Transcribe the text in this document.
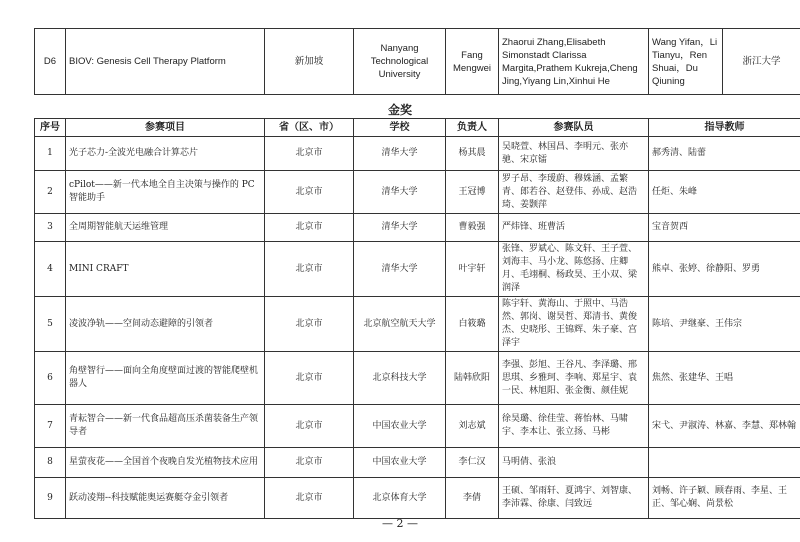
D6	BIOV: Genesis Cell Therapy Platform	新加坡	Nanyang Technological University	Fang Mengwei	Zhaorui Zhang,Elisabeth Simonstadt Clarissa Margita,Prathem Kukreja,Cheng Jing,Yiyang Lin,Xinhui He	Wang Yifan，Li Tianyu，Ren Shuai，Du Qiuning	浙江大学
金奖
序号	参赛项目	省（区、市）	学校	负责人	参赛队员	指导教师
1	光子芯力-全波光电融合计算芯片	北京市	清华大学	杨其晨	吴晓萱、林国昌、李明元、张亦驰、宋京镭	郝秀清、陆蕾
2	cPilot——新一代本地全自主决策与操作的 PC 智能助手	北京市	清华大学	王冠博	罗子昂、李瑷蔚、穆姝涵、孟繁青、郎若谷、赵登伟、孙成、赵浩琦、姜颢萍	任炬、朱峰
3	全周期智能航天运维管理	北京市	清华大学	曹毅强	严炜锋、班曹活	宝音贺西
4	MINI CRAFT	北京市	清华大学	叶宇轩	张锋、罗斌心、陈文轩、王子萱、刘海丰、马小龙、陈悠扬、庄卿月、毛翊桐、杨政昊、王小双、梁润泽	熊卓、张婷、徐静阳、罗勇
5	凌波净轨——空间动态避障的引领者	北京市	北京航空航天大学	白筱璐	陈宇轩、黄海山、于照中、马浩然、郭岗、谢昊哲、郑清书、黄俊杰、史晓彤、王锦辉、朱子豪、宫泽宇	陈培、尹继豪、王伟宗
6	角壁智行——面向全角度壁面过渡的智能爬壁机器人	北京市	北京科技大学	陆韩欣阳	李强、彭旭、王谷凡、李泽璐、邢思琪、乡雅珂、李响、郑星宇、袁一民、林旭阳、张金衡、颜佳妮	焦然、张建华、王唱
7	青耘智合——新一代食品超高压杀菌装备生产领导者	北京市	中国农业大学	刘志斌	徐昊璐、徐佳莹、蒋怡林、马啸宇、李本让、张立扬、马彬	宋弋、尹淑涛、林嘉、李慧、郑林翰
8	星萤夜花——全国首个夜晚自发光植物技术应用	北京市	中国农业大学	李仁汉	马明倩、张浪	
9	跃动凌翔--科技赋能奥运赛艇夺金引领者	北京市	北京体育大学	李倩	王硕、邹雨轩、夏鸿宇、刘智康、李沛霖、徐康、闫致远	刘畅、许子颖、顾春雨、李星、王正、邹心娴、尚景松
— 2 —
